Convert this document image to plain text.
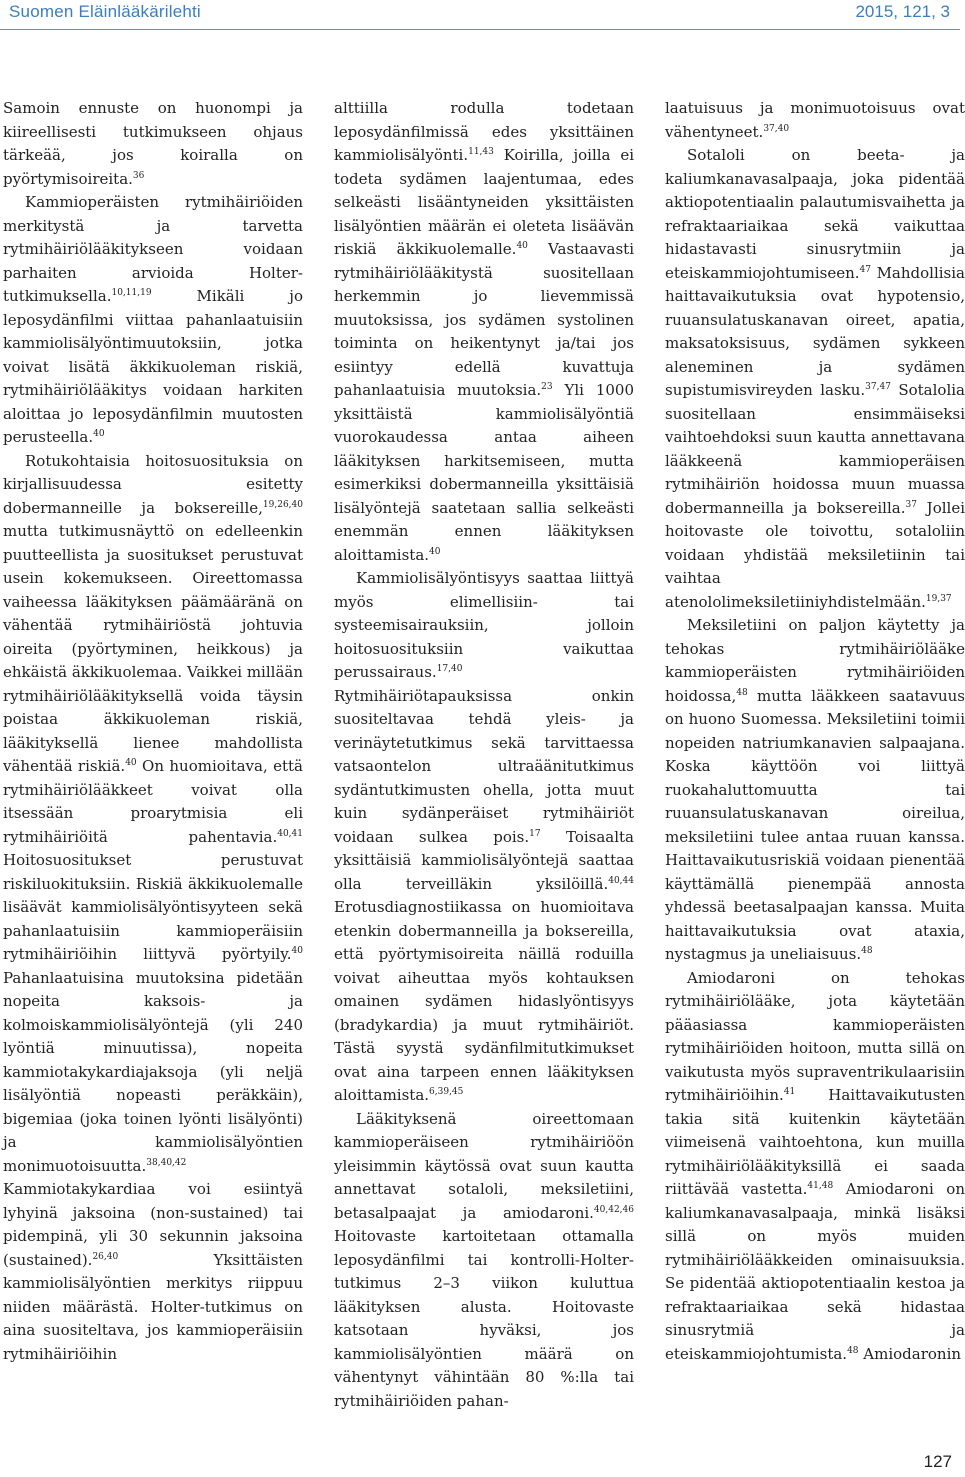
Suomen Eläinlääkärilehti	2015, 121, 3

Samoin ennuste on huonompi ja kiireellisesti tutkimukseen ohjaus tärkeää, jos koiralla on pyörtymisoireita.$^{36}$

Kammioperäisten rytmihäiriöiden merkitystä ja tarvetta rytmihäiriölääkitykseen voidaan parhaiten arvioida Holter-tutkimuksella.$^{10,11,19}$ Mikäli jo leposydänfilmi viittaa pahanlaatuisiin kammiolisälyöntimuutoksiin, jotka voivat lisätä äkkikuoleman riskiä, rytmihäiriölääkitys voidaan harkiten aloittaa jo leposydänfilmin muutosten perusteella.$^{40}$

Rotukohtaisia hoitosuosituksia on kirjallisuudessa esitetty dobermanneille ja boksereille,$^{19,26,40}$ mutta tutkimusnäyttö on edelleenkin puutteellista ja suositukset perustuvat usein kokemukseen. Oireettomassa vaiheessa lääkityksen päämääränä on vähentää rytmihäiriöstä johtuvia oireita (pyörtyminen, heikkous) ja ehkäistä äkkikuolemaa. Vaikkei millään rytmihäiriölääkityksellä voida täysin poistaa äkkikuoleman riskiä, lääkityksellä lienee mahdollista vähentää riskiä.$^{40}$ On huomioitava, että rytmihäiriölääkkeet voivat olla itsessään proarytmisia eli rytmihäiriöitä pahentavia.$^{40,41}$ Hoitosuositukset perustuvat riskiluokituksiin. Riskiä äkkikuolemalle lisäävät kammiolisälyöntisyyteen sekä pahanlaatuisiin kammioperäisiin rytmihäiriöihin liittyvä pyörtyily.$^{40}$ Pahanlaatuisina muutoksina pidetään nopeita kaksois- ja kolmoiskammiolisälyöntejä (yli 240 lyöntiä minuutissa), nopeita kammiotakykardiajaksoja (yli neljä lisälyöntiä nopeasti peräkkäin), bigemiaa (joka toinen lyönti lisälyönti) ja kammiolisälyöntien monimuotoisuutta.$^{38,40,42}$ Kammiotakykardiaa voi esiintyä lyhyinä jaksoina (non-sustained) tai pidempinä, yli 30 sekunnin jaksoina (sustained).$^{26,40}$ Yksittäisten kammiolisälyöntien merkitys riippuu niiden määrästä. Holter-tutkimus on aina suositeltava, jos kammioperäisiin rytmihäiriöihin

alttiilla rodulla todetaan leposydänfilmissä edes yksittäinen kammiolisälyönti.$^{11,43}$ Koirilla, joilla ei todeta sydämen laajentumaa, edes selkeästi lisääntyneiden yksittäisten lisälyöntien määrän ei oleteta lisäävän riskiä äkkikuolemalle.$^{40}$ Vastaavasti rytmihäiriölääkitystä suositellaan herkemmin jo lievemmissä muutoksissa, jos sydämen systolinen toiminta on heikentynyt ja/tai jos esiintyy edellä kuvattuja pahanlaatuisia muutoksia.$^{23}$ Yli 1000 yksittäistä kammiolisälyöntiä vuorokaudessa antaa aiheen lääkityksen harkitsemiseen, mutta esimerkiksi dobermanneilla yksittäisiä lisälyöntejä saatetaan sallia selkeästi enemmän ennen lääkityksen aloittamista.$^{40}$

Kammiolisälyöntisyys saattaa liittyä myös elimellisiin- tai systeemisairauksiin, jolloin hoitosuosituksiin vaikuttaa perussairaus.$^{17,40}$ Rytmihäiriötapauksissa onkin suositeltavaa tehdä yleis- ja verinäytetutkimus sekä tarvittaessa vatsaontelon ultraäänitutkimus sydäntutkimusten ohella, jotta muut kuin sydänperäiset rytmihäiriöt voidaan sulkea pois.$^{17}$ Toisaalta yksittäisiä kammiolisälyöntejä saattaa olla terveilläkin yksilöillä.$^{40,44}$ Erotusdiagnostiikassa on huomioitava etenkin dobermanneilla ja boksereilla, että pyörtymisoireita näillä roduilla voivat aiheuttaa myös kohtauksen omainen sydämen hidaslyöntisyys (bradykardia) ja muut rytmihäiriöt. Tästä syystä sydänfilmitutkimukset ovat aina tarpeen ennen lääkityksen aloittamista.$^{6,39,45}$

Lääkityksenä oireettomaan kammioperäiseen rytmihäiriöön yleisimmin käytössä ovat suun kautta annettavat sotaloli, meksiletiini, betasalpaajat ja amiodaroni.$^{40,42,46}$ Hoitovaste kartoitetaan ottamalla leposydänfilmi tai kontrolli-Holter-tutkimus 2–3 viikon kuluttua lääkityksen alusta. Hoitovaste katsotaan hyväksi, jos kammiolisälyöntien määrä on vähentynyt vähintään 80 %:lla tai rytmihäiriöiden pahan-

laatuisuus ja monimuotoisuus ovat vähentyneet.$^{37,40}$

Sotaloli on beeta- ja kaliumkanavasalpaaja, joka pidentää aktiopotentiaalin palautumisvaihetta ja refraktaariaikaa sekä vaikuttaa hidastavasti sinusrytmiin ja eteiskammiojohtumiseen.$^{47}$ Mahdollisia haittavaikutuksia ovat hypotensio, ruuansulatuskanavan oireet, apatia, maksatoksisuus, sydämen sykkeen aleneminen ja sydämen supistumisvireyden lasku.$^{37,47}$ Sotalolia suositellaan ensimmäiseksi vaihtoehdoksi suun kautta annettavana lääkkeenä kammioperäisen rytmihäiriön hoidossa muun muassa dobermanneilla ja boksereilla.$^{37}$ Jollei hoitovaste ole toivottu, sotaloliin voidaan yhdistää meksiletiinin tai vaihtaa atenololimeksiletiiniyhdistelmään.$^{19,37}$

Meksiletiini on paljon käytetty ja tehokas rytmihäiriölääke kammioperäisten rytmihäiriöiden hoidossa,$^{48}$ mutta lääkkeen saatavuus on huono Suomessa. Meksiletiini toimii nopeiden natriumkanavien salpaajana. Koska käyttöön voi liittyä ruokahaluttomuutta tai ruuansulatuskanavan oireilua, meksiletiini tulee antaa ruuan kanssa. Haittavaikutusriskiä voidaan pienentää käyttämällä pienempää annosta yhdessä beetasalpaajan kanssa. Muita haittavaikutuksia ovat ataxia, nystagmus ja uneliaisuus.$^{48}$

Amiodaroni on tehokas rytmihäiriölääke, jota käytetään pääasiassa kammioperäisten rytmihäiriöiden hoitoon, mutta sillä on vaikutusta myös supraventrikulaarisiin rytmihäiriöihin.$^{41}$ Haittavaikutusten takia sitä kuitenkin käytetään viimeisenä vaihtoehtona, kun muilla rytmihäiriölääkityksillä ei saada riittävää vastetta.$^{41,48}$ Amiodaroni on kaliumkanavasalpaaja, minkä lisäksi sillä on myös muiden rytmihäiriölääkkeiden ominaisuuksia. Se pidentää aktiopotentiaalin kestoa ja refraktaariaikaa sekä hidastaa sinusrytmiä ja eteiskammiojohtumista.$^{48}$ Amiodaronin

127
